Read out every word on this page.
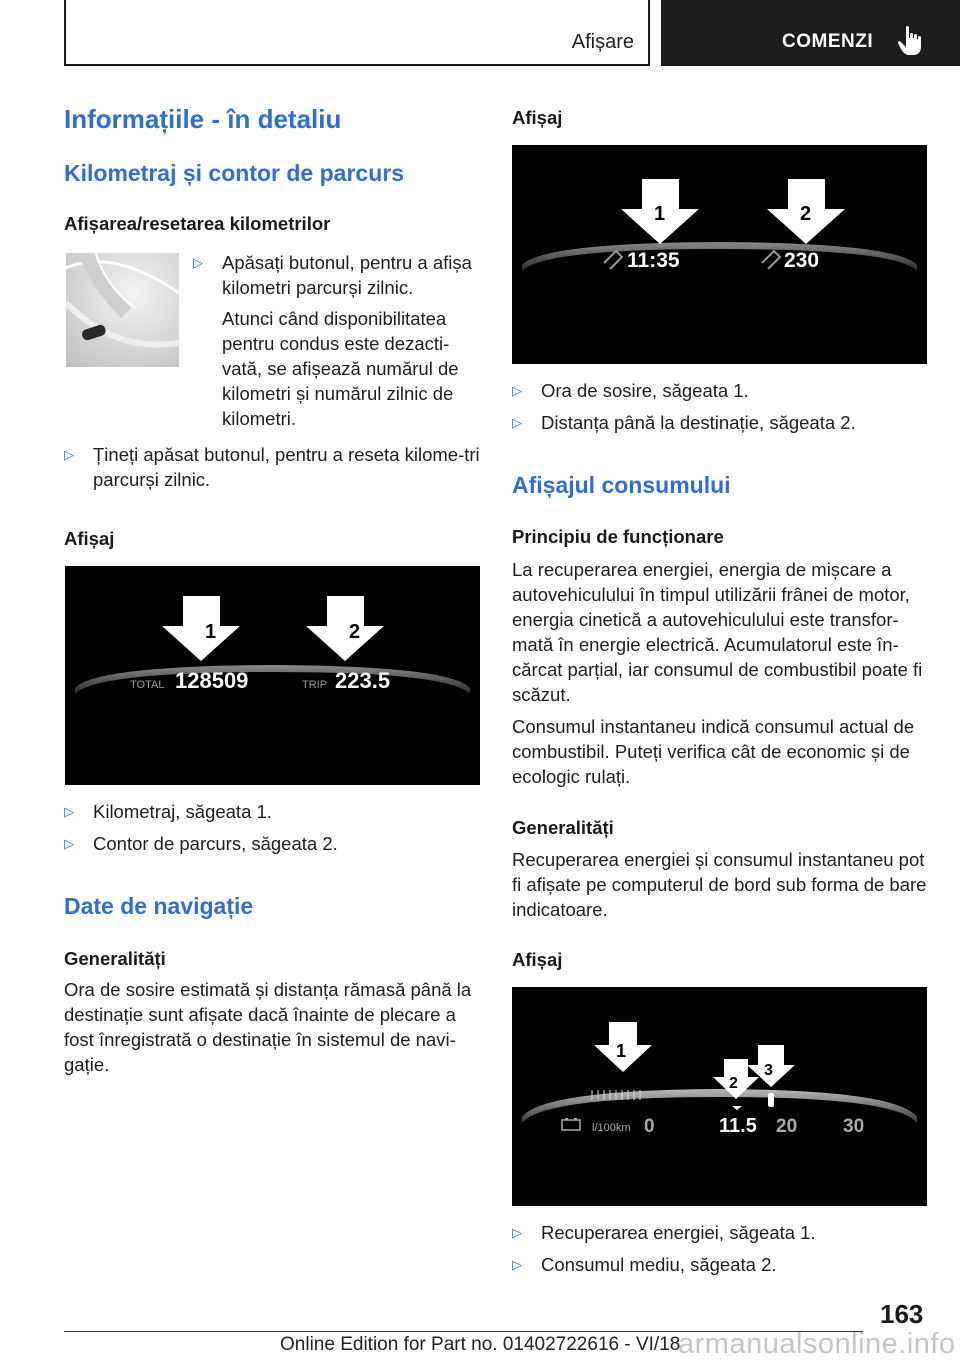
Afișare	COMENZI
Informațiile - în detaliu
Kilometraj și contor de parcurs
Afișarea/resetarea kilometrilor
▷ Apăsați butonul, pentru a afișa kilometri parcurși zilnic.
Atunci când disponibilitatea pentru condus este dezacti-vată, se afișează numărul de kilometri și numărul zilnic de kilometri.
▷ Țineți apăsat butonul, pentru a reseta kilome-tri parcurși zilnic.
Afișaj
1	2
TOTAL 128509	TRIP 223.5
▷ Kilometraj, săgeata 1.
▷ Contor de parcurs, săgeata 2.
Date de navigație
Generalități
Ora de sosire estimată și distanța rămasă până la destinație sunt afișate dacă înainte de plecare a fost înregistrată o destinație în sistemul de navi-gație.
Afișaj
1	2
11:35	230
▷ Ora de sosire, săgeata 1.
▷ Distanța până la destinație, săgeata 2.
Afișajul consumului
Principiu de funcționare
La recuperarea energiei, energia de mișcare a autovehiculului în timpul utilizării frânei de motor, energia cinetică a autovehiculului este transfor-mată în energie electrică. Acumulatorul este în-cărcat parțial, iar consumul de combustibil poate fi scăzut.
Consumul instantaneu indică consumul actual de combustibil. Puteți verifica cât de economic și de ecologic rulați.
Generalități
Recuperarea energiei și consumul instantaneu pot fi afișate pe computerul de bord sub forma de bare indicatoare.
Afișaj
1
2
3
l/100km 0	11.5 20 30
▷ Recuperarea energiei, săgeata 1.
▷ Consumul mediu, săgeata 2.
163
Online Edition for Part no. 01402722616 - VI/18
armanualsonline.info
